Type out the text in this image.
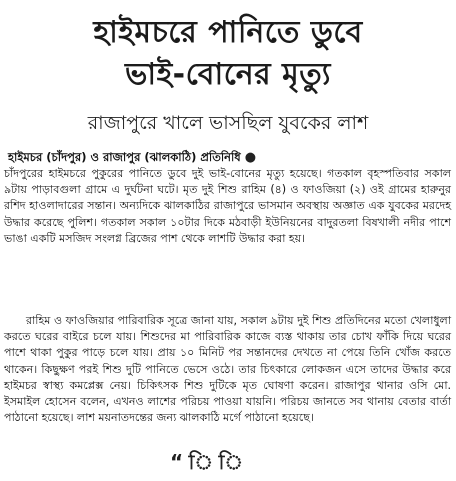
হাইমচরে পানিতে ডুবে
ভাই-বোনের মৃত্যু
রাজাপুরে খালে ভাসছিল যুবকের লাশ
হাইমচর (চাঁদপুর) ও রাজাপুর (ঝালকাঠি) প্রতিনিধি ●
চাঁদপুরের হাইমচরে পুকুরের পানিতে ডুবে দুই ভাই-বোনের মৃত্যু হয়েছে। গতকাল বৃহস্পতিবার সকাল ৯টায় পাড়াবগুলা গ্রামে এ দুর্ঘটনা ঘটে। মৃত দুই শিশু রাহিম (৪) ও ফাওজিয়া (২) ওই গ্রামের হারুনুর রশিদ হাওলাদারের সন্তান। অন্যদিকে ঝালকাঠির রাজাপুরে ভাসমান অবস্থায় অজ্ঞাত এক যুবকের মরদেহ উদ্ধার করেছে পুলিশ। গতকাল সকাল ১০টার দিকে মঠবাড়ী ইউনিয়নের বাদুরতলা বিষখালী নদীর পাশে ভাঙা একটি মসজিদ সংলগ্ন ব্রিজের পাশ থেকে লাশটি উদ্ধার করা হয়।
রাহিম ও ফাওজিয়ার পারিবারিক সূত্রে জানা যায়, সকাল ৯টায় দুই শিশু প্রতিদিনের মতো খেলাধুলা করতে ঘরের বাইরে চলে যায়। শিশুদের মা পারিবারিক কাজে ব্যস্ত থাকায় তার চোখ ফাঁকি দিয়ে ঘরের পাশে থাকা পুকুর পাড়ে চলে যায়। প্রায় ১০ মিনিট পর সন্তানদের দেখতে না পেয়ে তিনি খোঁজ করতে থাকেন। কিছুক্ষণ পরই শিশু দুটি পানিতে ভেসে ওঠে। তার চিৎকারে লোকজন এসে তাদের উদ্ধার করে হাইমচর স্বাস্থ্য কমপ্লেক্স নেয়। চিকিৎসক শিশু দুটিকে মৃত ঘোষণা করেন। রাজাপুর থানার ওসি মো. ইসমাইল হোসেন বলেন, এখনও লাশের পরিচয় পাওয়া যায়নি। পরিচয় জানতে সব থানায় বেতার বার্তা পাঠানো হয়েছে। লাশ ময়নাতদন্তের জন্য ঝালকাঠি মর্গে পাঠানো হয়েছে।
“ ি ি
